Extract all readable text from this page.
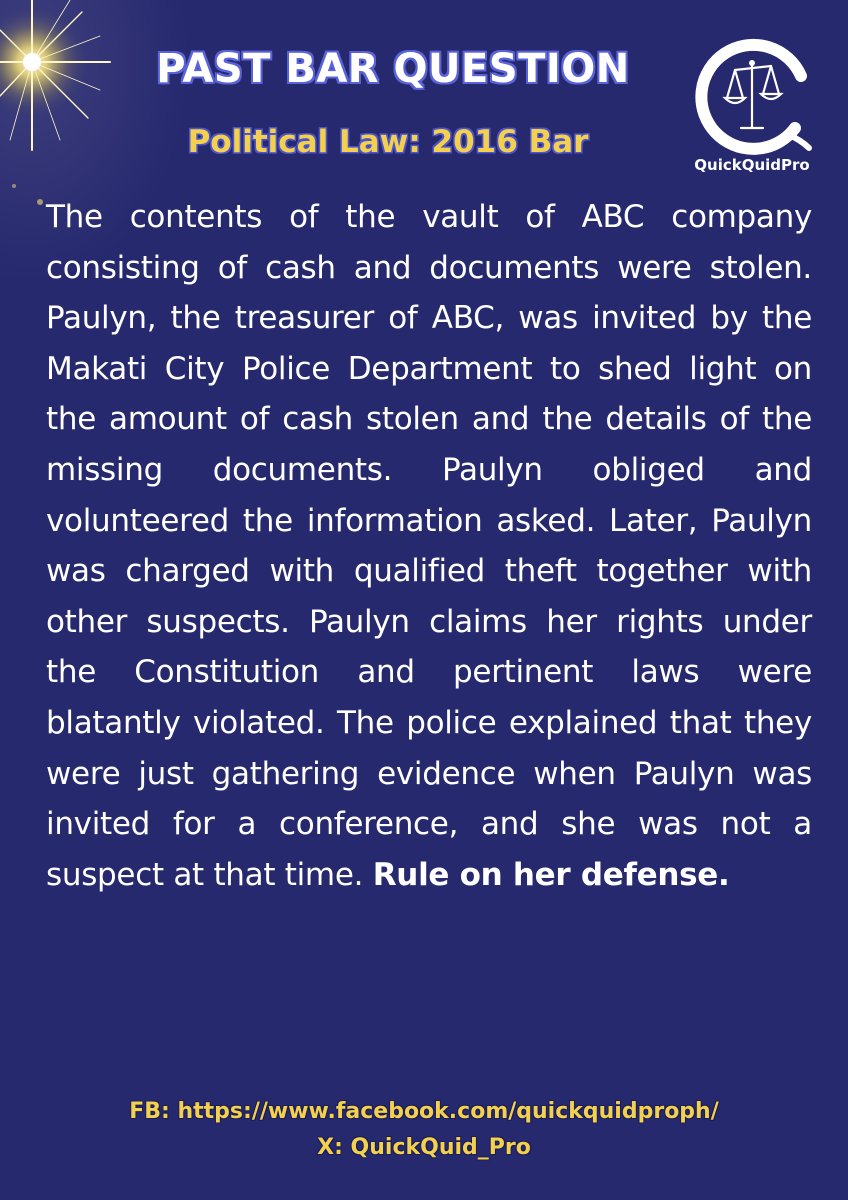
PAST BAR QUESTION
Political Law: 2016 Bar
QuickQuidPro

The contents of the vault of ABC company consisting of cash and documents were stolen. Paulyn, the treasurer of ABC, was invited by the Makati City Police Department to shed light on the amount of cash stolen and the details of the missing documents. Paulyn obliged and volunteered the information asked. Later, Paulyn was charged with qualified theft together with other suspects. Paulyn claims her rights under the Constitution and pertinent laws were blatantly violated. The police explained that they were just gathering evidence when Paulyn was invited for a conference, and she was not a suspect at that time. Rule on her defense.

FB: https://www.facebook.com/quickquidproph/
X: QuickQuid_Pro
